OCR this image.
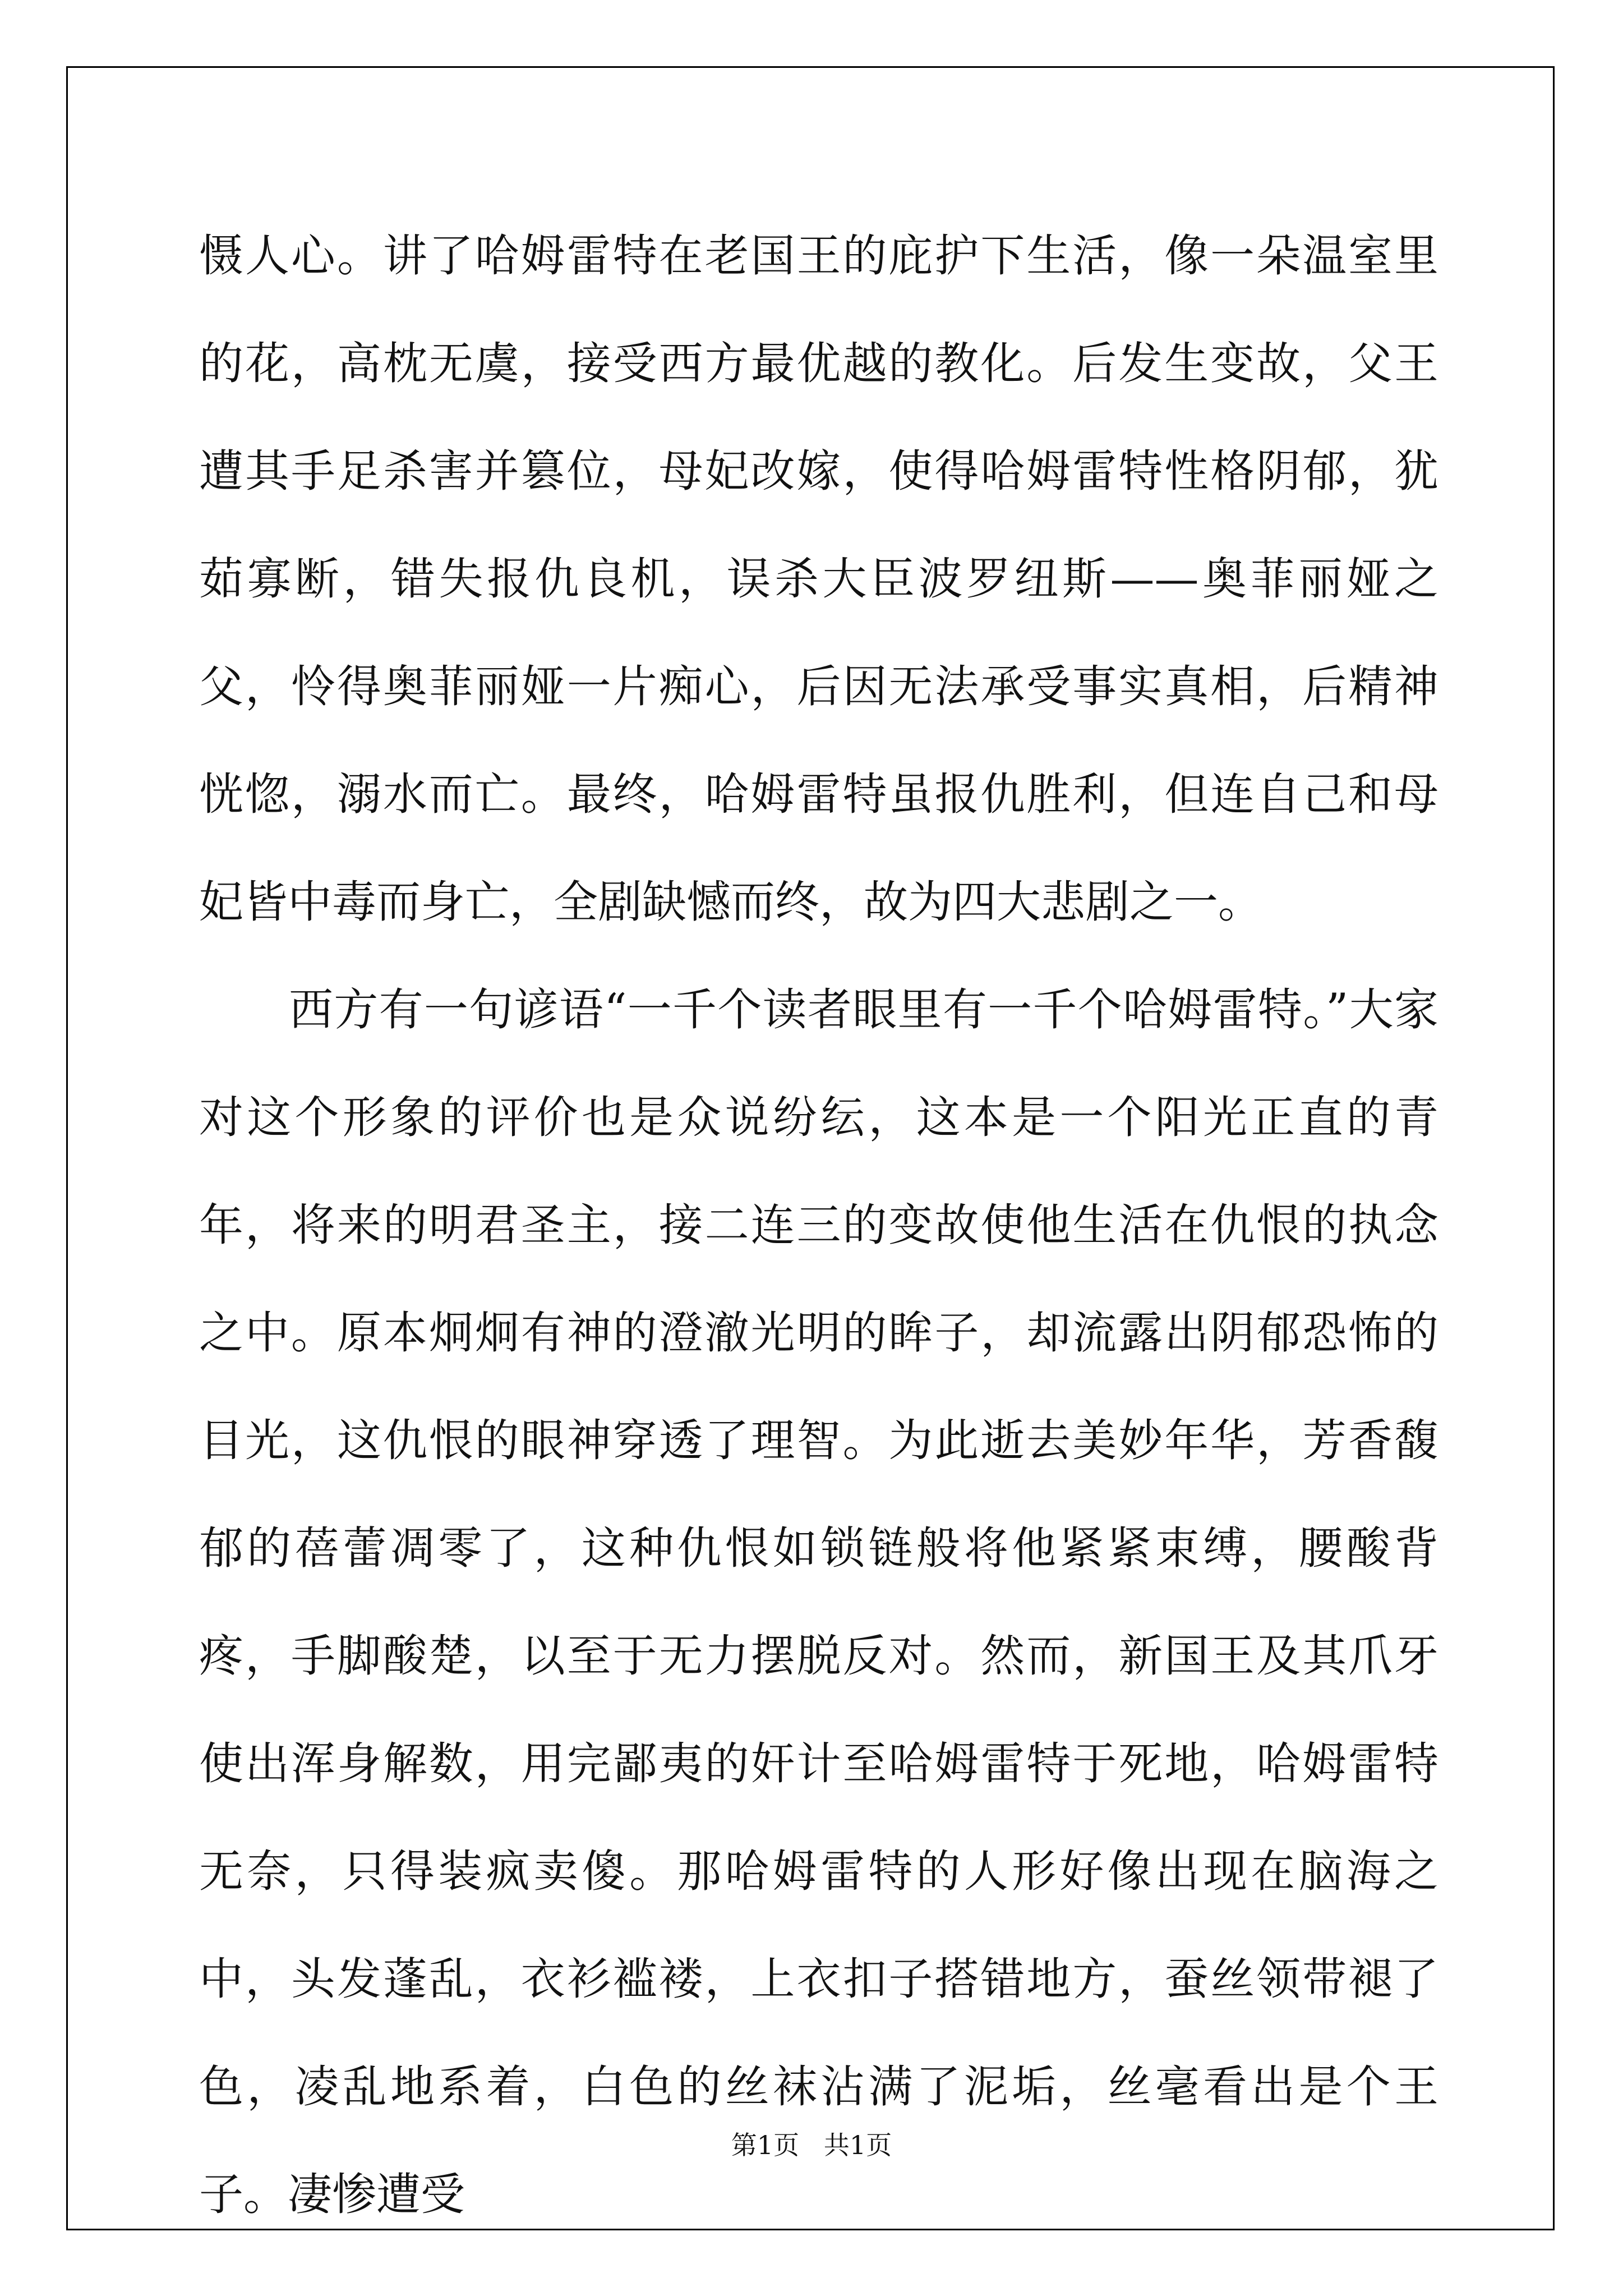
慑人心。讲了哈姆雷特在老国王的庇护下生活，像一朵温室里的花，高枕无虞，接受西方最优越的教化。后发生变故，父王遭其手足杀害并篡位，母妃改嫁，使得哈姆雷特性格阴郁，犹茹寡断，错失报仇良机，误杀大臣波罗纽斯——奥菲丽娅之父，怜得奥菲丽娅一片痴心，后因无法承受事实真相，后精神恍惚，溺水而亡。最终，哈姆雷特虽报仇胜利，但连自己和母妃皆中毒而身亡，全剧缺憾而终，故为四大悲剧之一。

西方有一句谚语“一千个读者眼里有一千个哈姆雷特。”大家对这个形象的评价也是众说纷纭，这本是一个阳光正直的青年，将来的明君圣主，接二连三的变故使他生活在仇恨的执念之中。原本炯炯有神的澄澈光明的眸子，却流露出阴郁恐怖的目光，这仇恨的眼神穿透了理智。为此逝去美妙年华，芳香馥郁的蓓蕾凋零了，这种仇恨如锁链般将他紧紧束缚，腰酸背疼，手脚酸楚，以至于无力摆脱反对。然而，新国王及其爪牙使出浑身解数，用完鄙夷的奸计至哈姆雷特于死地，哈姆雷特无奈，只得装疯卖傻。那哈姆雷特的人形好像出现在脑海之中，头发蓬乱，衣衫褴褛，上衣扣子搭错地方，蚕丝领带褪了色，凌乱地系着，白色的丝袜沾满了泥垢，丝毫看出是个王子。凄惨遭受

第1页   共1页
